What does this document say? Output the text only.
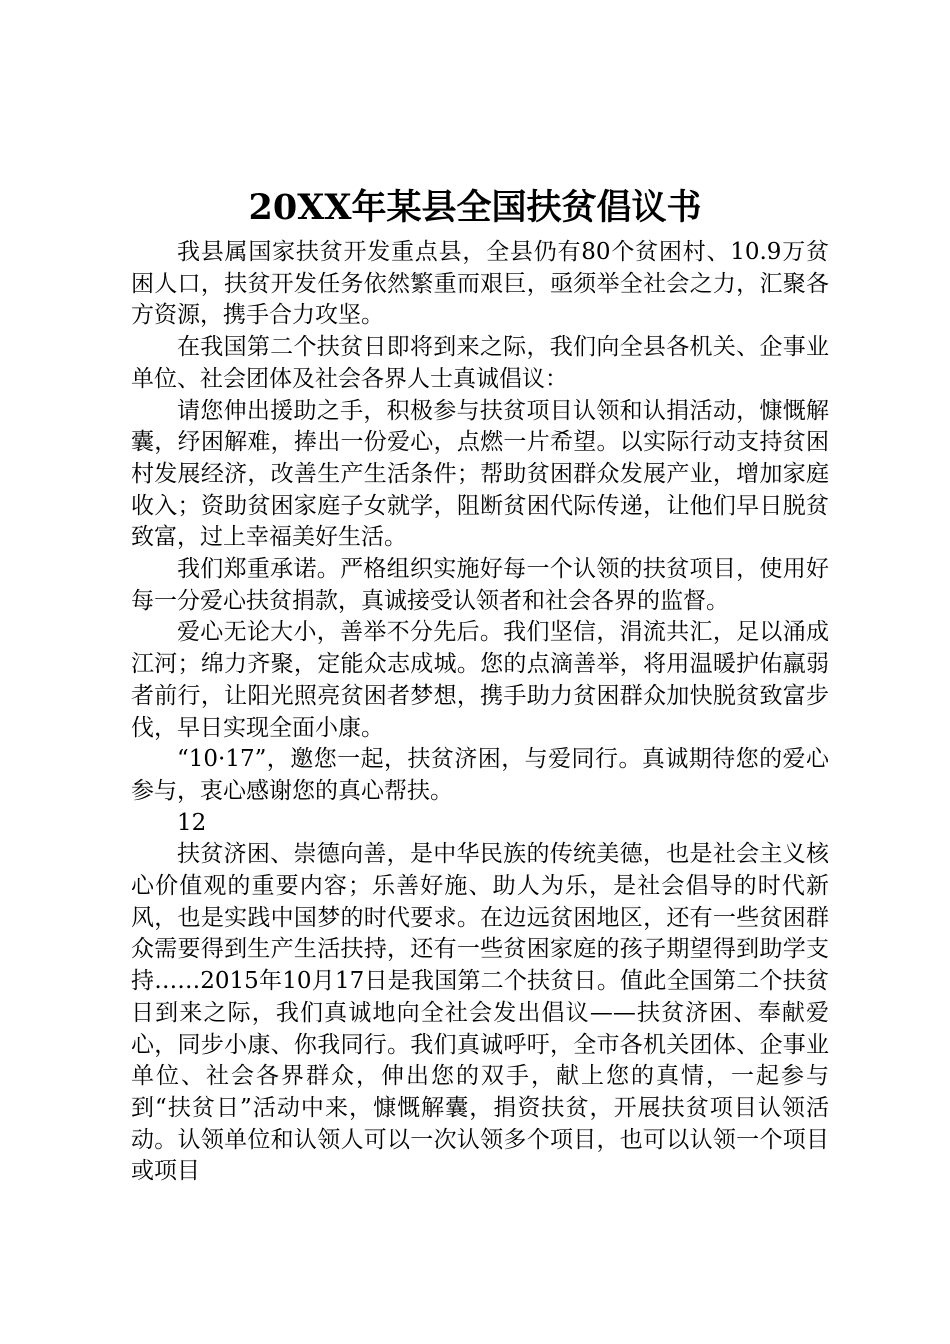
20XX年某县全国扶贫倡议书

我县属国家扶贫开发重点县，全县仍有80个贫困村、10.9万贫困人口，扶贫开发任务依然繁重而艰巨，亟须举全社会之力，汇聚各方资源，携手合力攻坚。

在我国第二个扶贫日即将到来之际，我们向全县各机关、企事业单位、社会团体及社会各界人士真诚倡议：

请您伸出援助之手，积极参与扶贫项目认领和认捐活动，慷慨解囊，纾困解难，捧出一份爱心，点燃一片希望。以实际行动支持贫困村发展经济，改善生产生活条件；帮助贫困群众发展产业，增加家庭收入；资助贫困家庭子女就学，阻断贫困代际传递，让他们早日脱贫致富，过上幸福美好生活。

我们郑重承诺。严格组织实施好每一个认领的扶贫项目，使用好每一分爱心扶贫捐款，真诚接受认领者和社会各界的监督。

爱心无论大小，善举不分先后。我们坚信，涓流共汇，足以涌成江河；绵力齐聚，定能众志成城。您的点滴善举，将用温暖护佑羸弱者前行，让阳光照亮贫困者梦想，携手助力贫困群众加快脱贫致富步伐，早日实现全面小康。

“10·17”，邀您一起，扶贫济困，与爱同行。真诚期待您的爱心参与，衷心感谢您的真心帮扶。

12

扶贫济困、崇德向善，是中华民族的传统美德，也是社会主义核心价值观的重要内容；乐善好施、助人为乐，是社会倡导的时代新风，也是实践中国梦的时代要求。在边远贫困地区，还有一些贫困群众需要得到生产生活扶持，还有一些贫困家庭的孩子期望得到助学支持……2015年10月17日是我国第二个扶贫日。值此全国第二个扶贫日到来之际，我们真诚地向全社会发出倡议——扶贫济困、奉献爱心，同步小康、你我同行。我们真诚呼吁，全市各机关团体、企事业单位、社会各界群众，伸出您的双手，献上您的真情，一起参与到“扶贫日”活动中来，慷慨解囊，捐资扶贫，开展扶贫项目认领活动。认领单位和认领人可以一次认领多个项目，也可以认领一个项目或项目
